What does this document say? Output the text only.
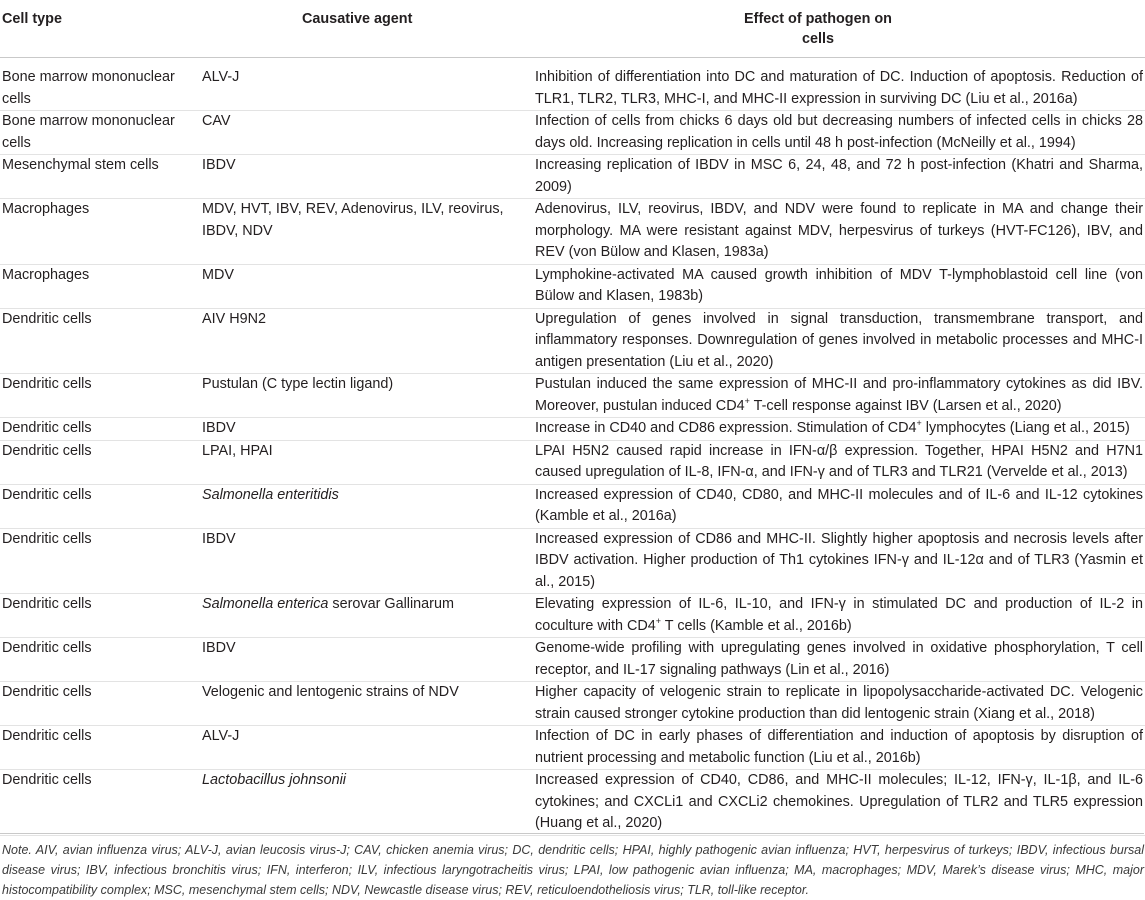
Cell type	Causative agent	Effect of pathogen on
cells
Bone marrow mononuclear cells	ALV-J	Inhibition of differentiation into DC and maturation of DC. Induction of apoptosis. Reduction of TLR1, TLR2, TLR3, MHC-I, and MHC-II expression in surviving DC (Liu et al., 2016a)
Bone marrow mononuclear cells	CAV	Infection of cells from chicks 6 days old but decreasing numbers of infected cells in chicks 28 days old. Increasing replication in cells until 48 h post-infection (McNeilly et al., 1994)
Mesenchymal stem cells	IBDV	Increasing replication of IBDV in MSC 6, 24, 48, and 72 h post-infection (Khatri and Sharma, 2009)
Macrophages	MDV, HVT, IBV, REV, Adenovirus, ILV, reovirus, IBDV, NDV	Adenovirus, ILV, reovirus, IBDV, and NDV were found to replicate in MA and change their morphology. MA were resistant against MDV, herpesvirus of turkeys (HVT-FC126), IBV, and REV (von Bülow and Klasen, 1983a)
Macrophages	MDV	Lymphokine-activated MA caused growth inhibition of MDV T-lymphoblastoid cell line (von Bülow and Klasen, 1983b)
Dendritic cells	AIV H9N2	Upregulation of genes involved in signal transduction, transmembrane transport, and inflammatory responses. Downregulation of genes involved in metabolic processes and MHC-I antigen presentation (Liu et al., 2020)
Dendritic cells	Pustulan (C type lectin ligand)	Pustulan induced the same expression of MHC-II and pro-inflammatory cytokines as did IBV. Moreover, pustulan induced CD4+ T-cell response against IBV (Larsen et al., 2020)
Dendritic cells	IBDV	Increase in CD40 and CD86 expression. Stimulation of CD4+ lymphocytes (Liang et al., 2015)
Dendritic cells	LPAI, HPAI	LPAI H5N2 caused rapid increase in IFN-α/β expression. Together, HPAI H5N2 and H7N1 caused upregulation of IL-8, IFN-α, and IFN-γ and of TLR3 and TLR21 (Vervelde et al., 2013)
Dendritic cells	Salmonella enteritidis	Increased expression of CD40, CD80, and MHC-II molecules and of IL-6 and IL-12 cytokines (Kamble et al., 2016a)
Dendritic cells	IBDV	Increased expression of CD86 and MHC-II. Slightly higher apoptosis and necrosis levels after IBDV activation. Higher production of Th1 cytokines IFN-γ and IL-12α and of TLR3 (Yasmin et al., 2015)
Dendritic cells	Salmonella enterica serovar Gallinarum	Elevating expression of IL-6, IL-10, and IFN-γ in stimulated DC and production of IL-2 in coculture with CD4+ T cells (Kamble et al., 2016b)
Dendritic cells	IBDV	Genome-wide profiling with upregulating genes involved in oxidative phosphorylation, T cell receptor, and IL-17 signaling pathways (Lin et al., 2016)
Dendritic cells	Velogenic and lentogenic strains of NDV	Higher capacity of velogenic strain to replicate in lipopolysaccharide-activated DC. Velogenic strain caused stronger cytokine production than did lentogenic strain (Xiang et al., 2018)
Dendritic cells	ALV-J	Infection of DC in early phases of differentiation and induction of apoptosis by disruption of nutrient processing and metabolic function (Liu et al., 2016b)
Dendritic cells	Lactobacillus johnsonii	Increased expression of CD40, CD86, and MHC-II molecules; IL-12, IFN-γ, IL-1β, and IL-6 cytokines; and CXCLi1 and CXCLi2 chemokines. Upregulation of TLR2 and TLR5 expression (Huang et al., 2020)
Note. AIV, avian influenza virus; ALV-J, avian leucosis virus-J; CAV, chicken anemia virus; DC, dendritic cells; HPAI, highly pathogenic avian influenza; HVT, herpesvirus of turkeys; IBDV, infectious bursal disease virus; IBV, infectious bronchitis virus; IFN, interferon; ILV, infectious laryngotracheitis virus; LPAI, low pathogenic avian influenza; MA, macrophages; MDV, Marek’s disease virus; MHC, major histocompatibility complex; MSC, mesenchymal stem cells; NDV, Newcastle disease virus; REV, reticuloendotheliosis virus; TLR, toll-like receptor.
